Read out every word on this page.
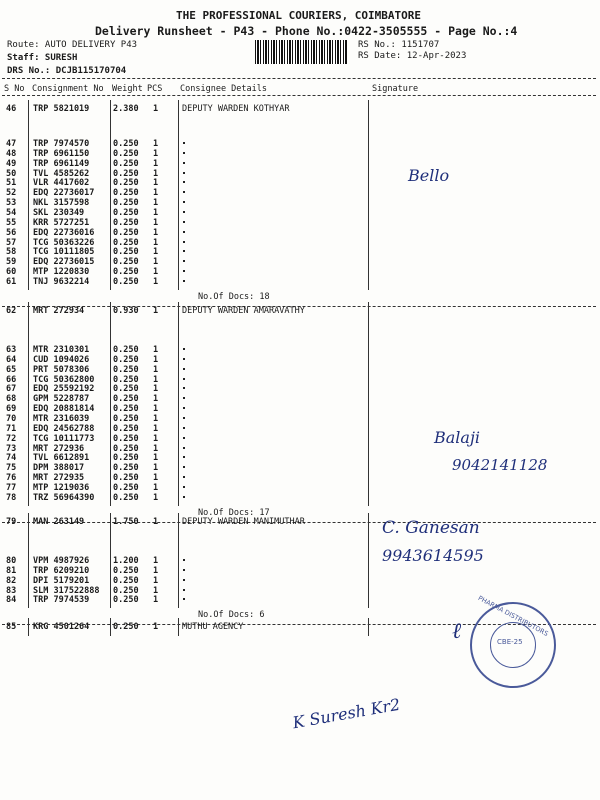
THE PROFESSIONAL COURIERS, COIMBATORE
Delivery Runsheet - P43 - Phone No.:0422-3505555 - Page No.:4
Route: AUTO DELIVERY P43
Staff: SURESH
DRS No.: DCJB115170704
RS No.: 1151707
RS Date: 12-Apr-2023
S No Consignment No Weight PCS Consignee Details	Signature
46 TRP 5821019	2.380 1	DEPUTY WARDEN KOTHYAR
47 TRP 7974570	0.250 1
48 TRP 6961150	0.250 1
49 TRP 6961149	0.250 1
50 TVL 4585262	0.250 1
51 VLR 4417602	0.250 1
52 EDQ 22736017 0.250 1
53 NKL 3157598	0.250 1
54 SKL 230349	0.250 1
55 KRR 5727251	0.250 1
56 EDQ 22736016 0.250 1
57 TCG 50363226 0.250 1
58 TCG 10111805 0.250 1
59 EDQ 22736015 0.250 1
60 MTP 1220830	0.250 1
61 TNJ 9632214	0.250 1
No.Of Docs: 18
62 MRT 272934	0.930 1	DEPUTY WARDEN AMARAVATHY
63 MTR 2310301	0.250 1
64 CUD 1094026	0.250 1
65 PRT 5078306	0.250 1
66 TCG 50362800 0.250 1
67 EDQ 25592192 0.250 1
68 GPM 5228787	0.250 1
69 EDQ 20881814 0.250 1
70 MTR 2316039	0.250 1
71 EDQ 24562788 0.250 1
72 TCG 10111773 0.250 1
73 MRT 272936	0.250 1
74 TVL 6612891	0.250 1
75 DPM 388017	0.250 1
76 MRT 272935	0.250 1
77 MTP 1219036	0.250 1
78 TRZ 56964390 0.250 1
No.Of Docs: 17
79 MAN 263149	1.750 1	DEPUTY WARDEN MANIMUTHAR
80 VPM 4987926	1.200 1
81 TRP 6209210	0.250 1
82 DPI 5179201	0.250 1
83 SLM 317522888 0.250 1
84 TRP 7974539	0.250 1
No.Of Docs: 6
85 KRG 4501264	0.250 1	MUTHU AGENCY
Bello
Balaji
9042141128
C. Ganesan
9943614595
ℓ PHARMA DISTRIBUTORS
CBE-25
K Suresh Kr2
